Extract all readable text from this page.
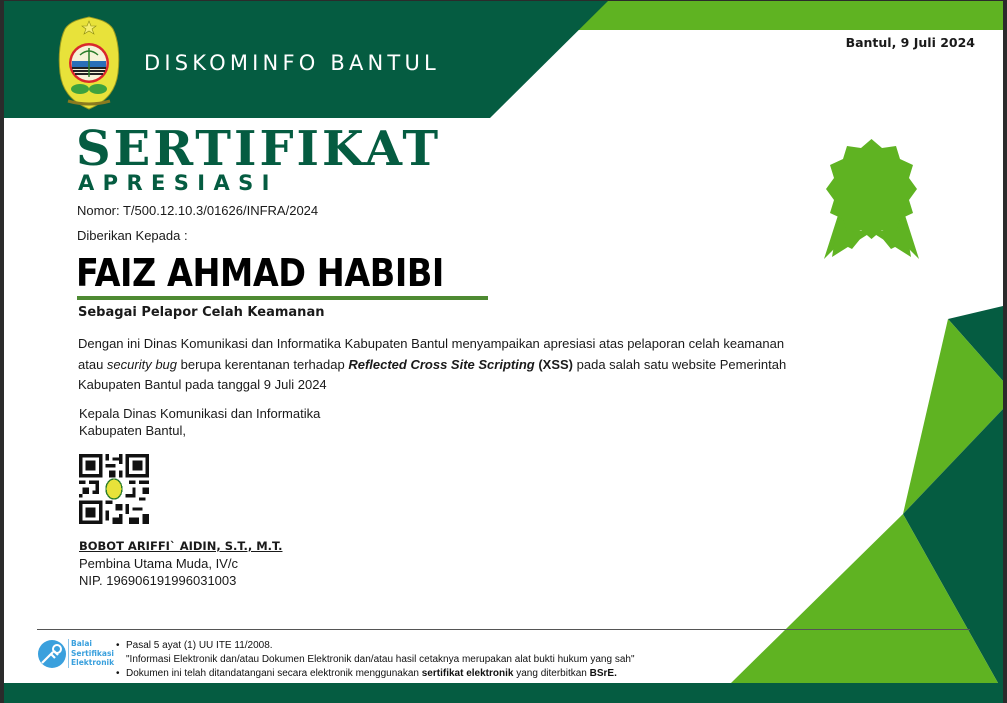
DISKOMINFO BANTUL
Bantul, 9 Juli 2024
SERTIFIKAT
APRESIASI
Nomor: T/500.12.10.3/01626/INFRA/2024
Diberikan Kepada :
FAIZ AHMAD HABIBI
Sebagai Pelapor Celah Keamanan
Dengan ini Dinas Komunikasi dan Informatika Kabupaten Bantul menyampaikan apresiasi atas pelaporan celah keamanan atau security bug berupa kerentanan terhadap Reflected Cross Site Scripting (XSS) pada salah satu website Pemerintah Kabupaten Bantul pada tanggal 9 Juli 2024
Kepala Dinas Komunikasi dan Informatika
Kabupaten Bantul,
BOBOT ARIFFI` AIDIN, S.T., M.T.
Pembina Utama Muda, IV/c
NIP. 196906191996031003
Balai
Sertifikasi
Elektronik
• Pasal 5 ayat (1) UU ITE 11/2008.
"Informasi Elektronik dan/atau Dokumen Elektronik dan/atau hasil cetaknya merupakan alat bukti hukum yang sah"
• Dokumen ini telah ditandatangani secara elektronik menggunakan sertifikat elektronik yang diterbitkan BSrE.
